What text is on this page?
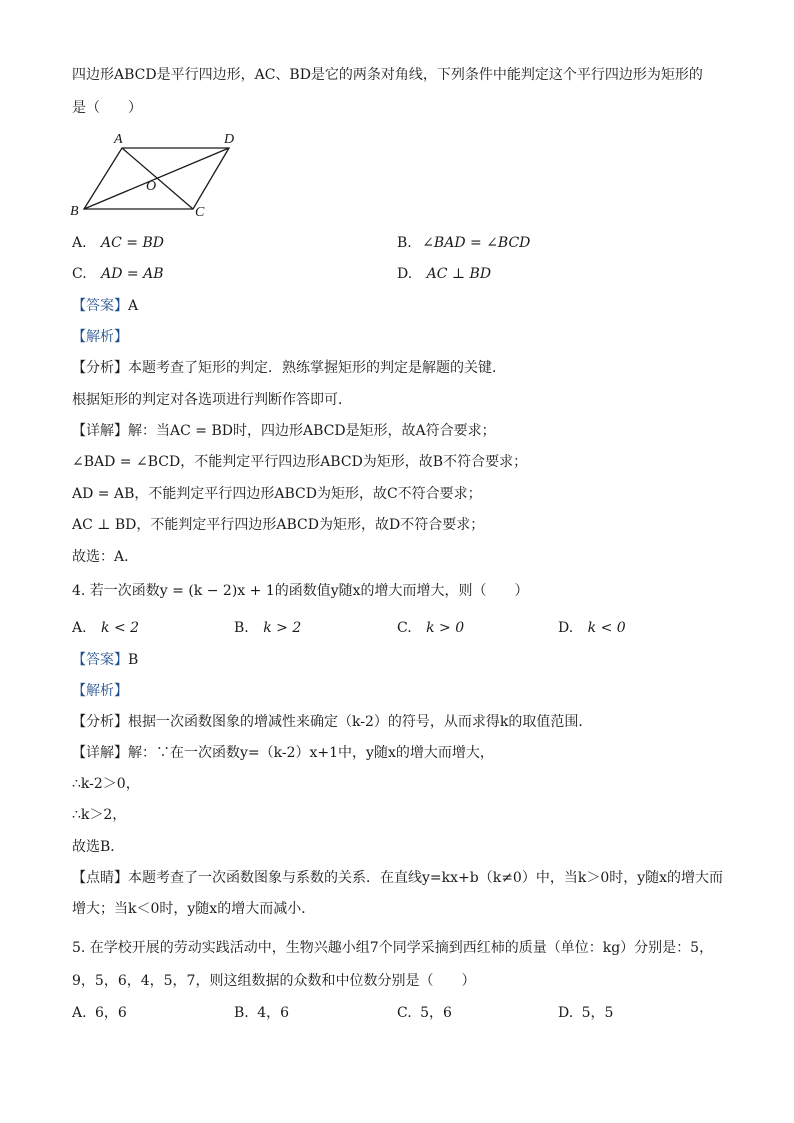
四边形ABCD是平行四边形，AC、BD是它的两条对角线，下列条件中能判定这个平行四边形为矩形的
是（　　）
A	D
B	C
O
A. AC = BD	B. ∠BAD = ∠BCD
C. AD = AB	D. AC ⊥ BD
【答案】A
【解析】
【分析】本题考查了矩形的判定．熟练掌握矩形的判定是解题的关键．
根据矩形的判定对各选项进行判断作答即可．
【详解】解：当AC = BD时，四边形ABCD是矩形，故A符合要求；
∠BAD = ∠BCD，不能判定平行四边形ABCD为矩形，故B不符合要求；
AD = AB，不能判定平行四边形ABCD为矩形，故C不符合要求；
AC ⊥ BD，不能判定平行四边形ABCD为矩形，故D不符合要求；
故选：A．
4. 若一次函数y = (k − 2)x + 1的函数值y随x的增大而增大，则（　　）
A. k < 2	B. k > 2	C. k > 0	D. k < 0
【答案】B
【解析】
【分析】根据一次函数图象的增减性来确定（k-2）的符号，从而求得k的取值范围．
【详解】解：∵在一次函数y=（k-2）x+1中，y随x的增大而增大，
∴k-2＞0，
∴k＞2，
故选B．
【点睛】本题考查了一次函数图象与系数的关系．在直线y=kx+b（k≠0）中，当k＞0时，y随x的增大而
增大；当k＜0时，y随x的增大而减小．
5. 在学校开展的劳动实践活动中，生物兴趣小组7个同学采摘到西红柿的质量（单位：kg）分别是：5，
9，5，6，4，5，7，则这组数据的众数和中位数分别是（　　）
A. 6，6	B. 4，6	C. 5，6	D. 5，5
